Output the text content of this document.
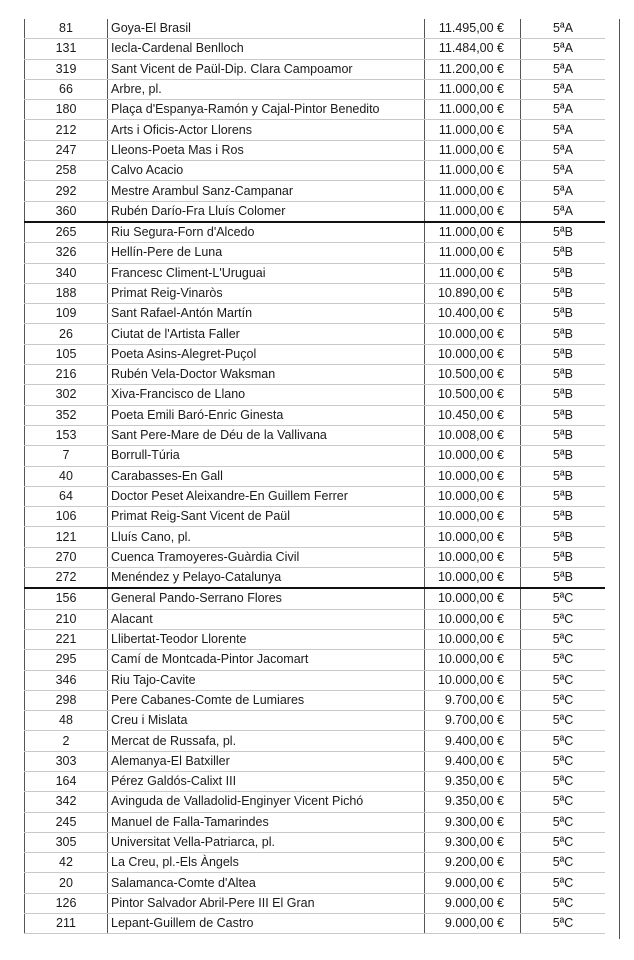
81	Goya-El Brasil	11.495,00 €	5ªA
131	Iecla-Cardenal Benlloch	11.484,00 €	5ªA
319	Sant Vicent de Paül-Dip. Clara Campoamor	11.200,00 €	5ªA
66	Arbre, pl.	11.000,00 €	5ªA
180	Plaça d'Espanya-Ramón y Cajal-Pintor Benedito	11.000,00 €	5ªA
212	Arts i Oficis-Actor Llorens	11.000,00 €	5ªA
247	Lleons-Poeta Mas i Ros	11.000,00 €	5ªA
258	Calvo Acacio	11.000,00 €	5ªA
292	Mestre Arambul Sanz-Campanar	11.000,00 €	5ªA
360	Rubén Darío-Fra Lluís Colomer	11.000,00 €	5ªA
265	Riu Segura-Forn d'Alcedo	11.000,00 €	5ªB
326	Hellín-Pere de Luna	11.000,00 €	5ªB
340	Francesc Climent-L'Uruguai	11.000,00 €	5ªB
188	Primat Reig-Vinaròs	10.890,00 €	5ªB
109	Sant Rafael-Antón Martín	10.400,00 €	5ªB
26	Ciutat de l'Artista Faller	10.000,00 €	5ªB
105	Poeta Asins-Alegret-Puçol	10.000,00 €	5ªB
216	Rubén Vela-Doctor Waksman	10.500,00 €	5ªB
302	Xiva-Francisco de Llano	10.500,00 €	5ªB
352	Poeta Emili Baró-Enric Ginesta	10.450,00 €	5ªB
153	Sant Pere-Mare de Déu de la Vallivana	10.008,00 €	5ªB
7	Borrull-Túria	10.000,00 €	5ªB
40	Carabasses-En Gall	10.000,00 €	5ªB
64	Doctor Peset Aleixandre-En Guillem Ferrer	10.000,00 €	5ªB
106	Primat Reig-Sant Vicent de Paül	10.000,00 €	5ªB
121	Lluís Cano, pl.	10.000,00 €	5ªB
270	Cuenca Tramoyeres-Guàrdia Civil	10.000,00 €	5ªB
272	Menéndez y Pelayo-Catalunya	10.000,00 €	5ªB
156	General Pando-Serrano Flores	10.000,00 €	5ªC
210	Alacant	10.000,00 €	5ªC
221	Llibertat-Teodor Llorente	10.000,00 €	5ªC
295	Camí de Montcada-Pintor Jacomart	10.000,00 €	5ªC
346	Riu Tajo-Cavite	10.000,00 €	5ªC
298	Pere Cabanes-Comte de Lumiares	9.700,00 €	5ªC
48	Creu i Mislata	9.700,00 €	5ªC
2	Mercat de Russafa, pl.	9.400,00 €	5ªC
303	Alemanya-El Batxiller	9.400,00 €	5ªC
164	Pérez Galdós-Calixt III	9.350,00 €	5ªC
342	Avinguda de Valladolid-Enginyer Vicent Pichó	9.350,00 €	5ªC
245	Manuel de Falla-Tamarindes	9.300,00 €	5ªC
305	Universitat Vella-Patriarca, pl.	9.300,00 €	5ªC
42	La Creu, pl.-Els Àngels	9.200,00 €	5ªC
20	Salamanca-Comte d'Altea	9.000,00 €	5ªC
126	Pintor Salvador Abril-Pere III El Gran	9.000,00 €	5ªC
211	Lepant-Guillem de Castro	9.000,00 €	5ªC
